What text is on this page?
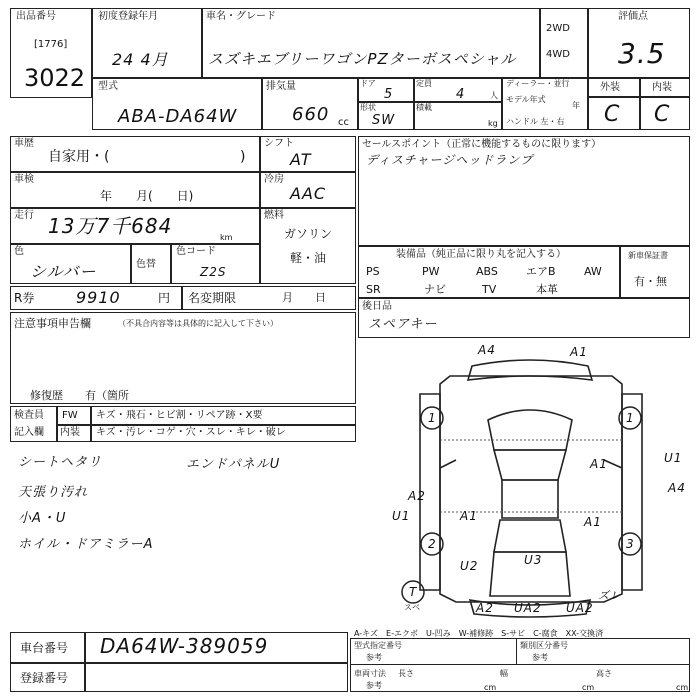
出品番号
[1776]
3022
初度登録年月
24 4月
車名・グレード
スズキエブリーワゴンPZターボスペシャル
2WD
4WD
評価点
3.5
型式
ABA-DA64W
排気量
660 cc
ドア
5
定員
4	人
形状
SW
積載
kg
ディーラー・並行
モデル年式
年
ハンドル 左・右
外装	内装
C C
車歴
自家用・(	)
シフト
AT
車検
年　　月(　　日)
冷房
AAC
走行 13万7千684	km
燃料
ガソリン
軽・油
色
シルバー	色替
色コード
Z2S
R券	9910	円 名変期限	月　　日
注意事項申告欄	（不具合内容等は具体的に記入して下さい）
修復歴　　有（箇所
セールスポイント（正常に機能するものに限ります）
ディスチャージヘッドランプ
装備品（純正品に限り丸を記入する）	新車保証書
有・無
後日品
スペアキー
検査員
記入欄
FW キズ・飛石・ヒビ割・リペア跡・X要
内装 キズ・汚レ・コゲ・穴・スレ・キレ・破レ
シートヘタリ
天張り汚れ
小A・U
ホイル・ドアミラーA
エンドパネルU
1	1
2	3
T
A4	A1
A1	U1
A4
A2
U1	A1	A1
U2	U3
A2 UA2 UA2
ズレ
スベ
A-キズ　E-エクボ　U-凹み　W-補修跡　S-サビ　C-腐食　XX-交換済
車台番号 DA64W-389059
登録番号
型式指定番号
参考
類別区分番号
参考
車両寸法
参考
長さ
cm
幅
cm
高さ
cm
PS	PW	ABS	エアB	AW
SR	ナビ	TV	本革
